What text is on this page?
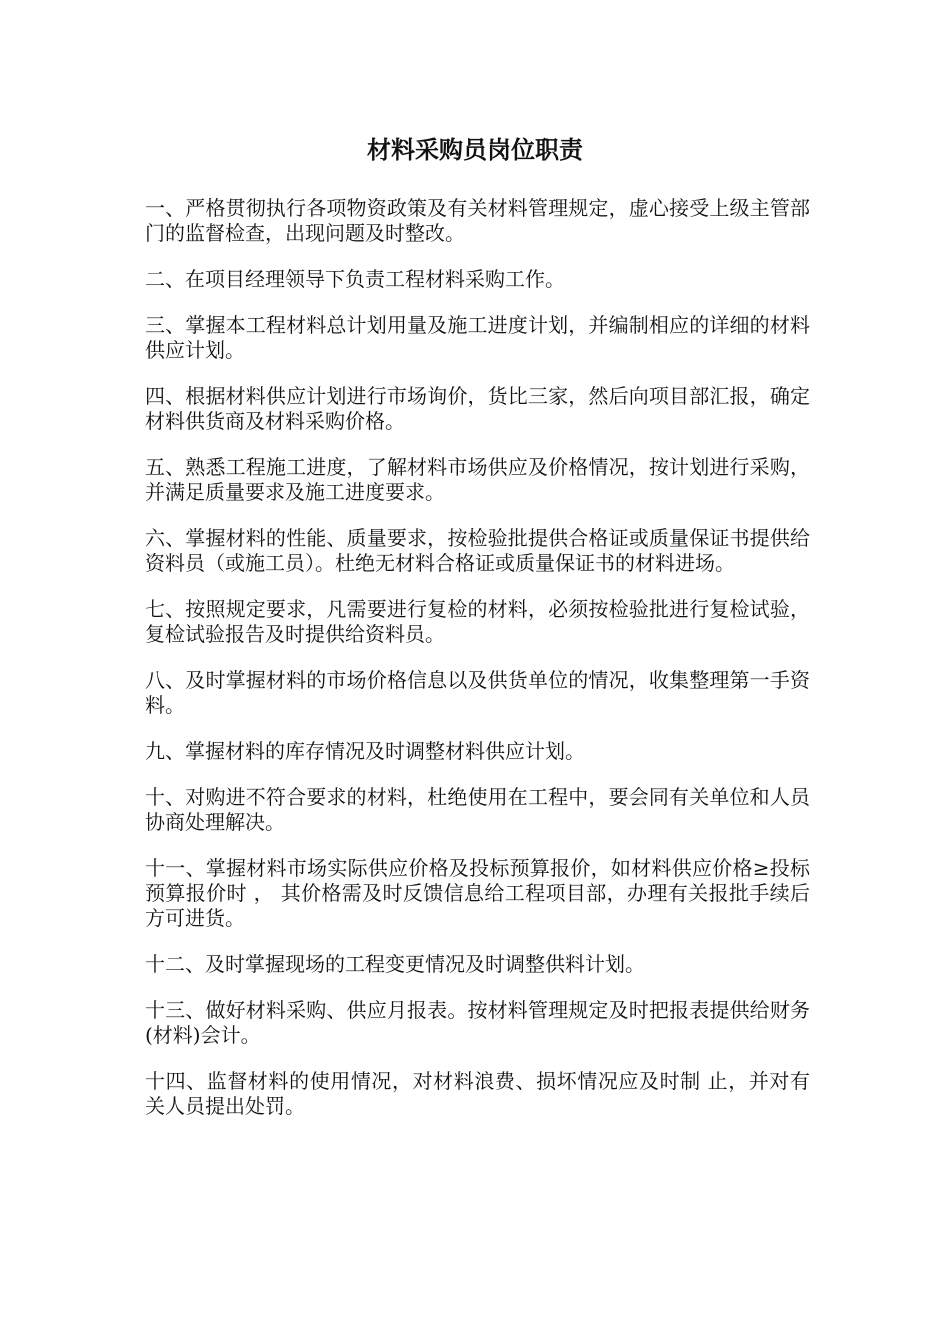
材料采购员岗位职责

一、严格贯彻执行各项物资政策及有关材料管理规定，虚心接受上级主管部门的监督检查，出现问题及时整改。

二、在项目经理领导下负责工程材料采购工作。

三、掌握本工程材料总计划用量及施工进度计划，并编制相应的详细的材料供应计划。

四、根据材料供应计划进行市场询价，货比三家，然后向项目部汇报，确定材料供货商及材料采购价格。

五、熟悉工程施工进度，了解材料市场供应及价格情况，按计划进行采购，并满足质量要求及施工进度要求。

六、掌握材料的性能、质量要求，按检验批提供合格证或质量保证书提供给资料员（或施工员）。杜绝无材料合格证或质量保证书的材料进场。

七、按照规定要求，凡需要进行复检的材料，必须按检验批进行复检试验，复检试验报告及时提供给资料员。

八、及时掌握材料的市场价格信息以及供货单位的情况，收集整理第一手资料。

九、掌握材料的库存情况及时调整材料供应计划。

十、对购进不符合要求的材料，杜绝使用在工程中，要会同有关单位和人员协商处理解决。

十一、掌握材料市场实际供应价格及投标预算报价，如材料供应价格≥投标预算报价时 ， 其价格需及时反馈信息给工程项目部，办理有关报批手续后方可进货。

十二、及时掌握现场的工程变更情况及时调整供料计划。

十三、做好材料采购、供应月报表。按材料管理规定及时把报表提供给财务(材料)会计。

十四、监督材料的使用情况，对材料浪费、损坏情况应及时制 止，并对有关人员提出处罚。
